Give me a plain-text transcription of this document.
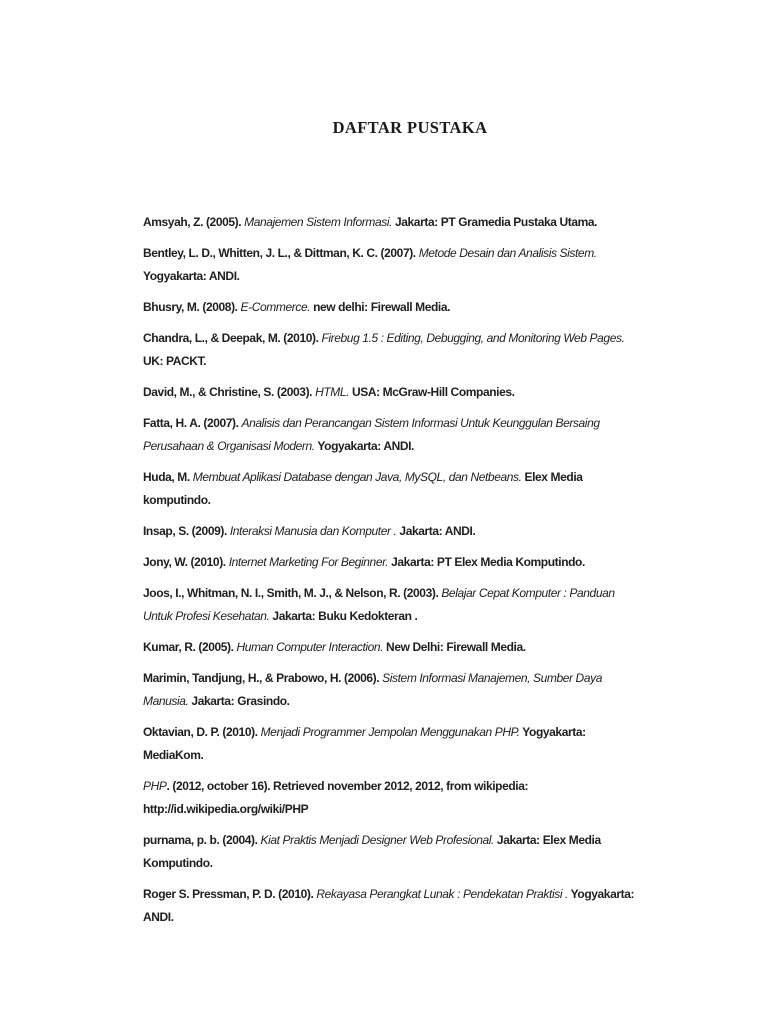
DAFTAR PUSTAKA
Amsyah, Z. (2005). Manajemen Sistem Informasi. Jakarta: PT Gramedia Pustaka Utama.
Bentley, L. D., Whitten, J. L., & Dittman, K. C. (2007). Metode Desain dan Analisis Sistem.
Yogyakarta: ANDI.
Bhusry, M. (2008). E-Commerce. new delhi: Firewall Media.
Chandra, L., & Deepak, M. (2010). Firebug 1.5 : Editing, Debugging, and Monitoring Web Pages.
UK: PACKT.
David, M., & Christine, S. (2003). HTML. USA: McGraw-Hill Companies.
Fatta, H. A. (2007). Analisis dan Perancangan Sistem Informasi Untuk Keunggulan Bersaing
Perusahaan & Organisasi Modern. Yogyakarta: ANDI.
Huda, M. Membuat Aplikasi Database dengan Java, MySQL, dan Netbeans. Elex Media
komputindo.
Insap, S. (2009). Interaksi Manusia dan Komputer . Jakarta: ANDI.
Jony, W. (2010). Internet Marketing For Beginner. Jakarta: PT Elex Media Komputindo.
Joos, I., Whitman, N. I., Smith, M. J., & Nelson, R. (2003). Belajar Cepat Komputer : Panduan
Untuk Profesi Kesehatan. Jakarta: Buku Kedokteran .
Kumar, R. (2005). Human Computer Interaction. New Delhi: Firewall Media.
Marimin, Tandjung, H., & Prabowo, H. (2006). Sistem Informasi Manajemen, Sumber Daya
Manusia. Jakarta: Grasindo.
Oktavian, D. P. (2010). Menjadi Programmer Jempolan Menggunakan PHP. Yogyakarta:
MediaKom.
PHP. (2012, october 16). Retrieved november 2012, 2012, from wikipedia:
http://id.wikipedia.org/wiki/PHP
purnama, p. b. (2004). Kiat Praktis Menjadi Designer Web Profesional. Jakarta: Elex Media
Komputindo.
Roger S. Pressman, P. D. (2010). Rekayasa Perangkat Lunak : Pendekatan Praktisi . Yogyakarta:
ANDI.
